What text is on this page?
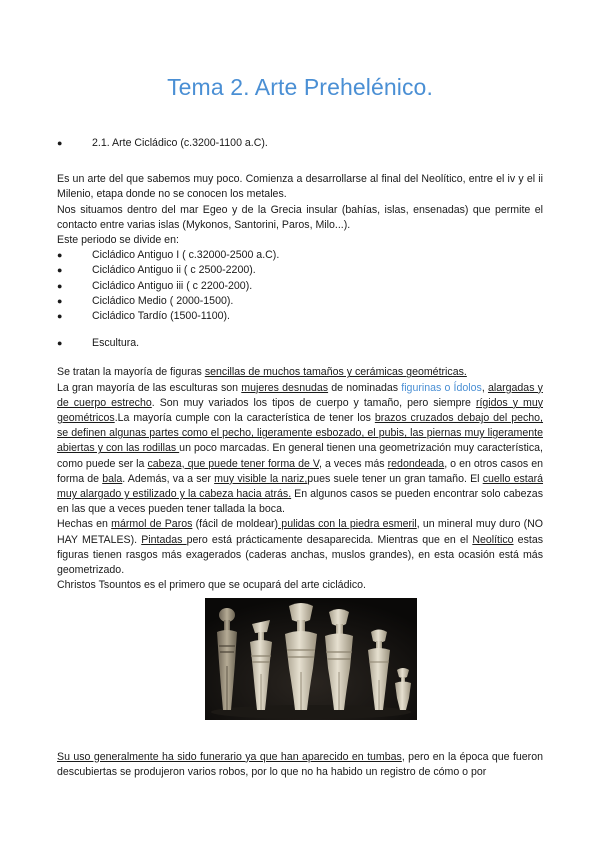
Tema 2. Arte Prehelénico.
●	2.1. Arte Cicládico (c.3200-1100 a.C).

Es un arte del que sabemos muy poco. Comienza a desarrollarse al final del Neolítico, entre el iv y el ii Milenio, etapa donde no se conocen los metales.

Nos situamos dentro del mar Egeo y de la Grecia insular (bahías, islas, ensenadas) que permite el contacto entre varias islas (Mykonos, Santorini, Paros, Milo...).

Este periodo se divide en:

●	Cicládico Antiguo I ( c.32000-2500 a.C).
●	Cicládico Antiguo ii ( c 2500-2200).
●	Cicládico Antiguo iii ( c 2200-200).
●	Cicládico Medio ( 2000-1500).
●	Cicládico Tardío (1500-1100).
●	Escultura.

Se tratan la mayoría de figuras sencillas de muchos tamaños y cerámicas geométricas.

La gran mayoría de las esculturas son mujeres desnudas de nominadas figurinas o Ídolos, alargadas y de cuerpo estrecho. Son muy variados los tipos de cuerpo y tamaño, pero siempre rígidos y muy geométricos.La mayoría cumple con la característica de tener los brazos cruzados debajo del pecho, se definen algunas partes como el pecho, ligeramente esbozado, el pubis, las piernas muy ligeramente abiertas y con las rodillas un poco marcadas. En general tienen una geometrización muy característica, como puede ser la cabeza, que puede tener forma de V, a veces más redondeada, o en otros casos en forma de bala. Además, va a ser muy visible la nariz,pues suele tener un gran tamaño. El cuello estará muy alargado y estilizado y la cabeza hacia atrás. En algunos casos se pueden encontrar solo cabezas en las que a veces pueden tener tallada la boca.

Hechas en mármol de Paros (fácil de moldear) pulidas con la piedra esmeril, un mineral muy duro (NO HAY METALES). Pintadas pero está prácticamente desaparecida. Mientras que en el Neolítico estas figuras tienen rasgos más exagerados (caderas anchas, muslos grandes), en esta ocasión está más geometrizado.

Christos Tsountos es el primero que se ocupará del arte cicládico.

Su uso generalmente ha sido funerario ya que han aparecido en tumbas, pero en la época que fueron descubiertas se produjeron varios robos, por lo que no ha habido un registro de cómo o por
